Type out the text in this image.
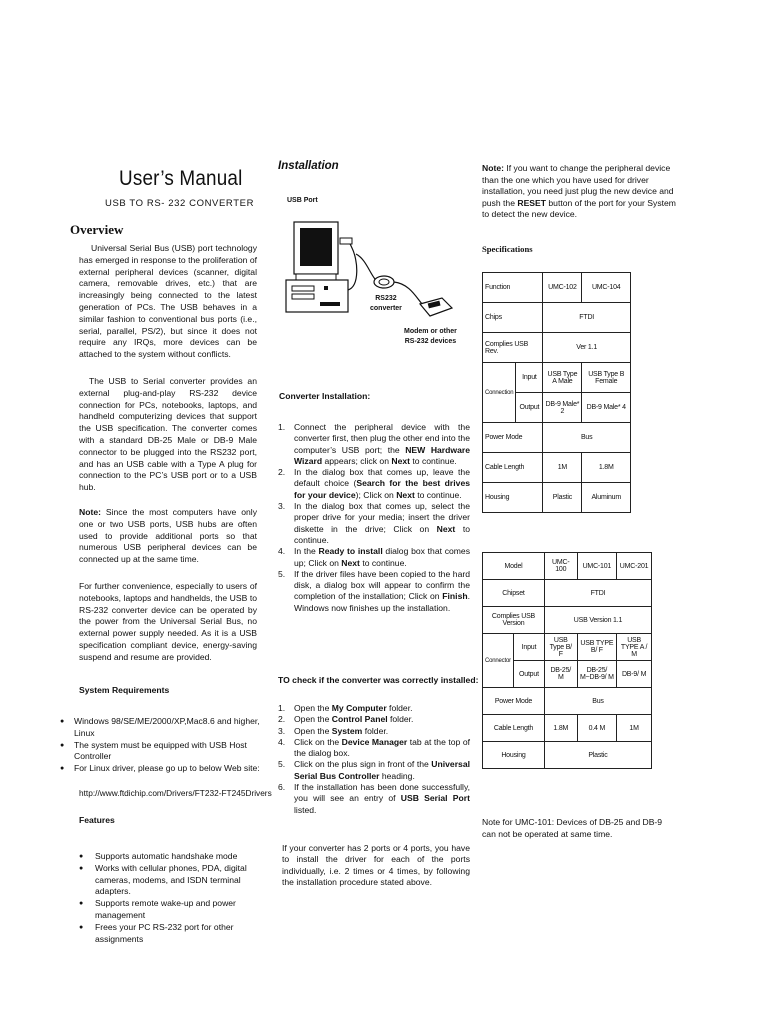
User’s Manual
USB TO RS- 232 CONVERTER
Overview
Universal Serial Bus (USB) port technology has emerged in response to the proliferation of external peripheral devices (scanner, digital camera, removable drives, etc.) that are increasingly being connected to the latest generation of PCs. The USB behaves in a similar fashion to conventional bus ports (i.e., serial, parallel, PS/2), but since it does not require any IRQs, more devices can be attached to the system without conflicts.
The USB to Serial converter provides an external plug-and-play RS-232 device connection for PCs, notebooks, laptops, and handheld computerizing devices that support the USB specification. The converter comes with a standard DB-25 Male or DB-9 Male connector to be plugged into the RS232 port, and has an USB cable with a Type A plug for connection to the PC’s USB port or to a USB hub.
Note: Since the most computers have only one or two USB ports, USB hubs are often used to provide additional ports so that numerous USB peripheral devices can be connected up at the same time.
For further convenience, especially to users of notebooks, laptops and handhelds, the USB to RS-232 converter device can be operated by the power from the Universal Serial Bus, no external power supply needed. As it is a USB specification compliant device, energy-saving suspend and resume are provided.
System Requirements
● Windows 98/SE/ME/2000/XP,Mac8.6 and higher,
Linux
● The system must be equipped with USB Host Controller
● For Linux driver, please go up to below Web site:
http://www.ftdichip.com/Drivers/FT232-FT245Drivers
Features
● Supports automatic handshake mode
● Works with cellular phones, PDA, digital cameras, modems, and ISDN terminal adapters.
● Supports remote wake-up and power management
● Frees your PC RS-232 port for other assignments
Installation
USB Port
RS232
converter
Modem or other
RS-232 devices
Converter Installation:
1. Connect the peripheral device with the converter first, then plug the other end into the computer’s USB port; the NEW Hardware Wizard appears; click on Next to continue.
2. In the dialog box that comes up, leave the default choice (Search for the best drives for your device); Click on Next to continue.
3. In the dialog box that comes up, select the proper drive for your media; insert the driver diskette in the drive; Click on Next to continue.
4. In the Ready to install dialog box that comes up; Click on Next to continue.
5. If the driver files have been copied to the hard disk, a dialog box will appear to confirm the completion of the installation; Click on Finish. Windows now finishes up the installation.
TO check if the converter was correctly installed:
1. Open the My Computer folder.
2. Open the Control Panel folder.
3. Open the System folder.
4. Click on the Device Manager tab at the top of the dialog box.
5. Click on the plus sign in front of the Universal Serial Bus Controller heading.
6. If the installation has been done successfully, you will see an entry of USB Serial Port listed.
If your converter has 2 ports or 4 ports, you have to install the driver for each of the ports individually, i.e. 2 times or 4 times, by following the installation procedure stated above.
Note: If you want to change the peripheral device than the one which you have used for driver installation, you need just plug the new device and push the RESET button of the port for your System to detect the new device.
Specifications
Function		UMC-102	UMC-104
Chips		FTDI	
Complies USB Rev.		Ver 1.1	
Connection	Input	USB Type A Male	USB Type B Female
	Output	DB-9 Male* 2	DB-9 Male* 4
Power Mode		Bus	
Cable Length		1M	1.8M
Housing		Plastic	Aluminum
Model		UMC-100	UMC-101	UMC-201
Chipset		FTDI		
Complies USB Version		USB Version 1.1		
Connector	Input	USB Type B/ F	USB TYPE B/ F	USB TYPE A / M
	Output	DB-25/ M	DB-25/ M~DB-9/ M	DB-9/ M
Power Mode		Bus		
Cable Length		1.8M	0.4 M	1M
Housing		Plastic		
Note for UMC-101: Devices of DB-25 and DB-9 can not be operated at same time.
